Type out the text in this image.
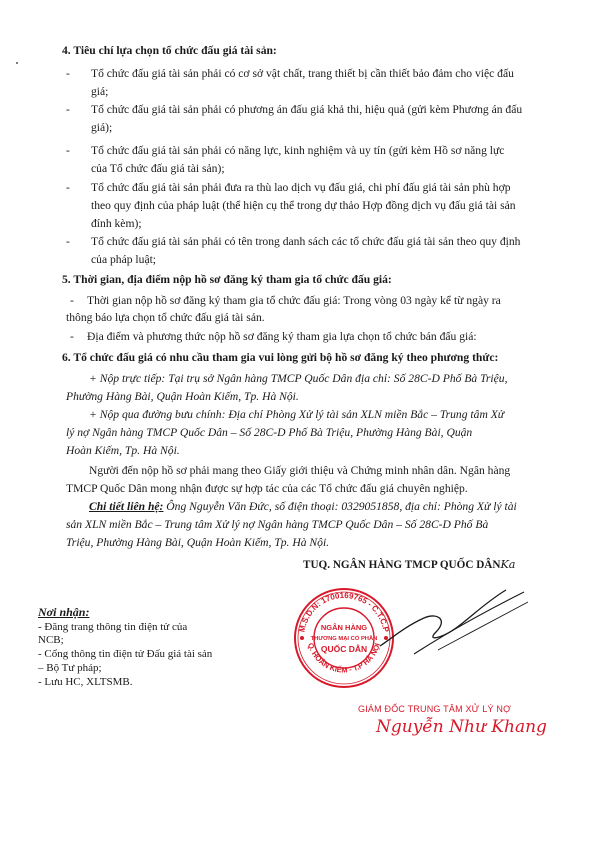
4. Tiêu chí lựa chọn tổ chức đấu giá tài sản:
- Tổ chức đấu giá tài sản phải có cơ sở vật chất, trang thiết bị cần thiết bảo đảm cho việc đấu
giá;
- Tổ chức đấu giá tài sản phải có phương án đấu giá khả thi, hiệu quả (gửi kèm Phương án đấu
giá);
- Tổ chức đấu giá tài sản phải có năng lực, kinh nghiệm và uy tín (gửi kèm Hồ sơ năng lực
của Tổ chức đấu giá tài sản);
- Tổ chức đấu giá tài sản phải đưa ra thù lao dịch vụ đấu giá, chi phí đấu giá tài sản phù hợp
theo quy định của pháp luật (thể hiện cụ thể trong dự thảo Hợp đồng dịch vụ đấu giá tài sản
đính kèm);
- Tổ chức đấu giá tài sản phải có tên trong danh sách các tổ chức đấu giá tài sản theo quy định
của pháp luật;
5. Thời gian, địa điểm nộp hồ sơ đăng ký tham gia tổ chức đấu giá:
- Thời gian nộp hồ sơ đăng ký tham gia tổ chức đấu giá: Trong vòng 03 ngày kể từ ngày ra
thông báo lựa chọn tổ chức đấu giá tài sản.
- Địa điểm và phương thức nộp hồ sơ đăng ký tham gia lựa chọn tổ chức bán đấu giá:
6. Tổ chức đấu giá có nhu cầu tham gia vui lòng gửi bộ hồ sơ đăng ký theo phương thức:
+ Nộp trực tiếp: Tại trụ sở Ngân hàng TMCP Quốc Dân địa chỉ: Số 28C-D Phố Bà Triệu,
Phường Hàng Bài, Quận Hoàn Kiếm, Tp. Hà Nội.
+ Nộp qua đường bưu chính: Địa chỉ Phòng Xử lý tài sản XLN miền Bắc – Trung tâm Xử
lý nợ Ngân hàng TMCP Quốc Dân – Số 28C-D Phố Bà Triệu, Phường Hàng Bài, Quận
Hoàn Kiếm, Tp. Hà Nội.
Người đến nộp hồ sơ phải mang theo Giấy giới thiệu và Chứng minh nhân dân. Ngân hàng
TMCP Quốc Dân mong nhận được sự hợp tác của các Tổ chức đấu giá chuyên nghiệp.
Chi tiết liên hệ: Ông Nguyễn Văn Đức, số điện thoại: 0329051858, địa chỉ: Phòng Xử lý tài
sản XLN miền Bắc – Trung tâm Xử lý nợ Ngân hàng TMCP Quốc Dân – Số 28C-D Phố Bà
Triệu, Phường Hàng Bài, Quận Hoàn Kiếm, Tp. Hà Nội.
TUQ. NGÂN HÀNG TMCP QUỐC DÂNKa
M.S.D.N: 1700169765 - C.T.C.P
Q. HOÀN KIẾM - T.P HÀ NỘI
NGÂN HÀNG
THƯƠNG MẠI CỔ PHẦN
QUỐC DÂN
GIÁM ĐỐC TRUNG TÂM XỬ LÝ NỢ
Nguyễn Như Khang
Nơi nhận:
- Đăng trang thông tin điện tử của
NCB;
- Cổng thông tin điện tử Đấu giá tài sản
– Bộ Tư pháp;
- Lưu HC, XLTSMB.
